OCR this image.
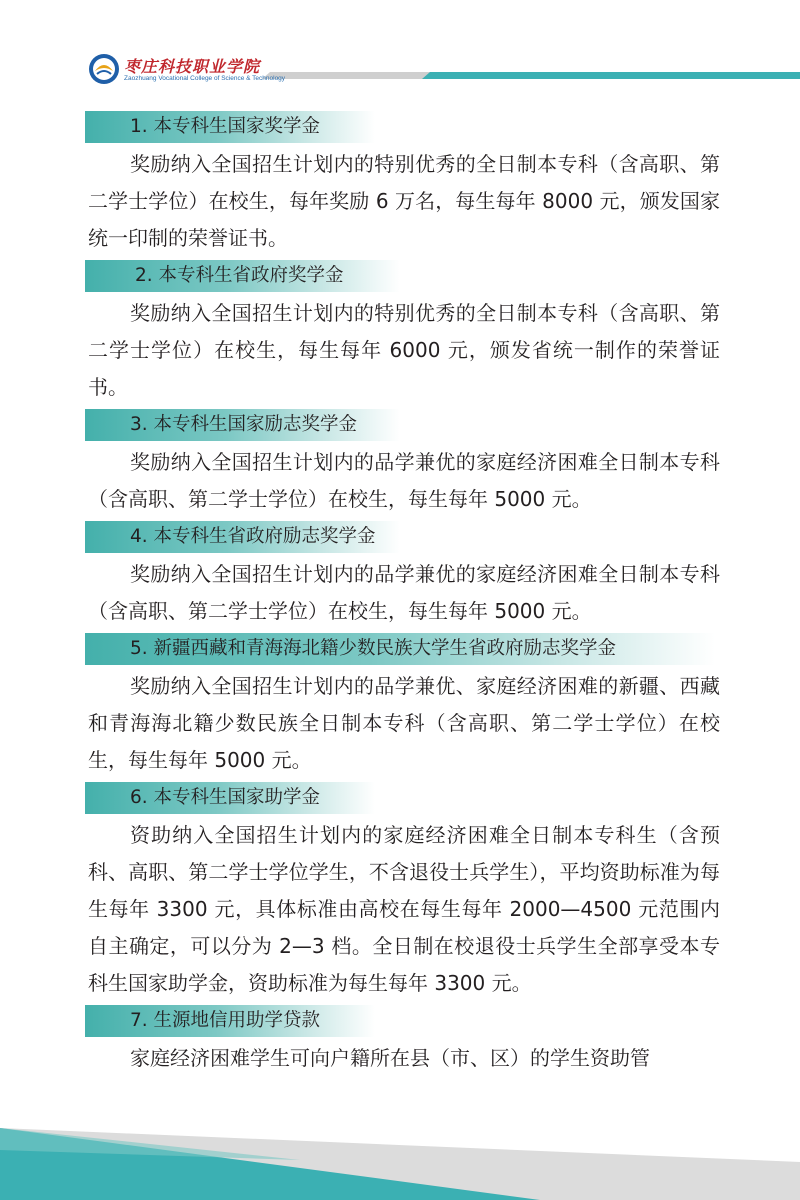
枣庄科技职业学院
Zaozhuang Vocational College of Science & Technology
1. 本专科生国家奖学金

奖励纳入全国招生计划内的特别优秀的全日制本专科（含高职、第二学士学位）在校生，每年奖励 6 万名，每生每年 8000 元，颁发国家统一印制的荣誉证书。

2. 本专科生省政府奖学金

奖励纳入全国招生计划内的特别优秀的全日制本专科（含高职、第二学士学位）在校生，每生每年 6000 元，颁发省统一制作的荣誉证书。

3. 本专科生国家励志奖学金

奖励纳入全国招生计划内的品学兼优的家庭经济困难全日制本专科（含高职、第二学士学位）在校生，每生每年 5000 元。

4. 本专科生省政府励志奖学金

奖励纳入全国招生计划内的品学兼优的家庭经济困难全日制本专科（含高职、第二学士学位）在校生，每生每年 5000 元。

5. 新疆西藏和青海海北籍少数民族大学生省政府励志奖学金

奖励纳入全国招生计划内的品学兼优、家庭经济困难的新疆、西藏和青海海北籍少数民族全日制本专科（含高职、第二学士学位）在校生，每生每年 5000 元。

6. 本专科生国家助学金

资助纳入全国招生计划内的家庭经济困难全日制本专科生（含预科、高职、第二学士学位学生，不含退役士兵学生），平均资助标准为每生每年 3300 元，具体标准由高校在每生每年 2000—4500 元范围内自主确定，可以分为 2—3 档。全日制在校退役士兵学生全部享受本专科生国家助学金，资助标准为每生每年 3300 元。

7. 生源地信用助学贷款

家庭经济困难学生可向户籍所在县（市、区）的学生资助管
